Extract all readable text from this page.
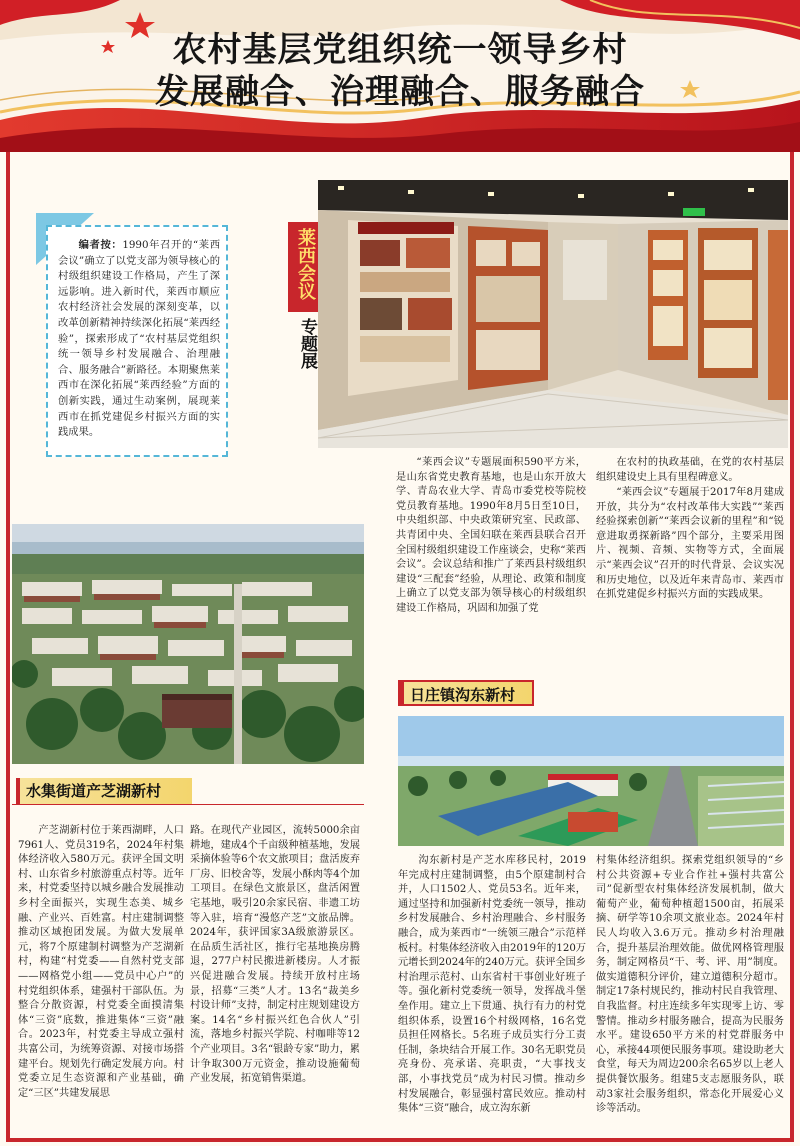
农村基层党组织统一领导乡村
发展融合、治理融合、服务融合
编者按：1990年召开的“莱西会议”确立了以党支部为领导核心的村级组织建设工作格局，产生了深远影响。进入新时代，莱西市顺应农村经济社会发展的深刻变革，以改革创新精神持续深化拓展“莱西经验”，探索形成了“农村基层党组织统一领导乡村发展融合、治理融合、服务融合”新路径。本期聚焦莱西市在深化拓展“莱西经验”方面的创新实践，通过生动案例，展现莱西市在抓党建促乡村振兴方面的实践成果。
莱西会议
专题展
“莱西会议”专题展面积590平方米，是山东省党史教育基地，也是山东开放大学、青岛农业大学、青岛市委党校等院校党员教育基地。1990年8月5日至10日，中央组织部、中央政策研究室、民政部、共青团中央、全国妇联在莱西县联合召开全国村级组织建设工作座谈会，史称“莱西会议”。会议总结和推广了莱西县村级组织建设“三配套”经验，从理论、政策和制度上确立了以党支部为领导核心的村级组织建设工作格局，巩固和加强了党
在农村的执政基础，在党的农村基层组织建设史上具有里程碑意义。
“莱西会议”专题展于2017年8月建成开放，共分为“农村改革伟大实践”“莱西经验探索创新”“莱西会议新的里程”和“锐意进取勇探新路”四个部分，主要采用图片、视频、音频、实物等方式，全面展示“莱西会议”召开的时代背景、会议实况和历史地位，以及近年来青岛市、莱西市在抓党建促乡村振兴方面的实践成果。
水集街道产芝湖新村
产芝湖新村位于莱西湖畔，人口7961人、党员319名，2024年村集体经济收入580万元。获评全国文明村、山东省乡村旅游重点村等。近年来，村党委坚持以城乡融合发展推动乡村全面振兴，实现生态美、城乡融、产业兴、百姓富。村庄建制调整推动区域抱团发展。为做大发展单元，将7个原建制村调整为产芝湖新村，构建“村党委——自然村党支部——网格党小组——党员中心户”的村党组织体系，建强村干部队伍。为整合分散资源，村党委全面摸清集体“三资”底数，推进集体“三资”融合。2023年，村党委主导成立强村共富公司，为统筹资源、对接市场搭建平台。规划先行确定发展方向。村党委立足生态资源和产业基础，确定“三区”共建发展思
路。在现代产业园区，流转5000余亩耕地，建成4个千亩级种植基地，发展采摘体验等6个农文旅项目；盘活废弃厂房、旧校舍等，发展小酥肉等4个加工项目。在绿色文旅景区，盘活闲置宅基地，吸引20余家民宿、非遗工坊等入驻，培育“漫悠产芝”文旅品牌。2024年，获评国家3A级旅游景区。在品质生活社区，推行宅基地换房腾退，277户村民搬进新楼房。人才振兴促进融合发展。持续开放村庄场景，招募“三类”人才。13名“裁美乡村设计师”支持，制定村庄规划建设方案。14名“乡村振兴红色合伙人”引流，落地乡村振兴学院、村咖啡等12个产业项目。3名“银龄专家”助力，累计争取300万元资金，推动设施葡萄产业发展，拓宽销售渠道。
日庄镇沟东新村
沟东新村是产芝水库移民村，2019年完成村庄建制调整，由5个原建制村合并，人口1502人、党员53名。近年来，通过坚持和加强新村党委统一领导，推动乡村发展融合、乡村治理融合、乡村服务融合，成为莱西市“一统领三融合”示范样板村。村集体经济收入由2019年的120万元增长到2024年的240万元。获评全国乡村治理示范村、山东省村干事创业好班子等。强化新村党委统一领导，发挥战斗堡垒作用。建立上下贯通、执行有力的村党组织体系，设置16个村级网格，16名党员担任网格长。5名班子成员实行分工责任制，条块结合开展工作。30名无职党员亮身份、亮承诺、亮职责，“大事找支部，小事找党员”成为村民习惯。推动乡村发展融合，彰显强村富民效应。推动村集体“三资”融合，成立沟东新
村集体经济组织。探索党组织领导的“乡村公共资源+专业合作社+强村共富公司”促新型农村集体经济发展机制，做大葡萄产业，葡萄种植超1500亩，拓展采摘、研学等10余项文旅业态。2024年村民人均收入3.6万元。推动乡村治理融合，提升基层治理效能。做优网格管理服务，制定网格员“干、考、评、用”制度。做实道德积分评价，建立道德积分超市。制定17条村规民约，推动村民自我管理、自我监督。村庄连续多年实现零上访、零警情。推动乡村服务融合，提高为民服务水平。建设650平方米的村党群服务中心，承接44项便民服务事项。建设助老大食堂，每天为周边200余名65岁以上老人提供餐饮服务。组建5支志愿服务队，联动3家社会服务组织，常态化开展爱心义诊等活动。
